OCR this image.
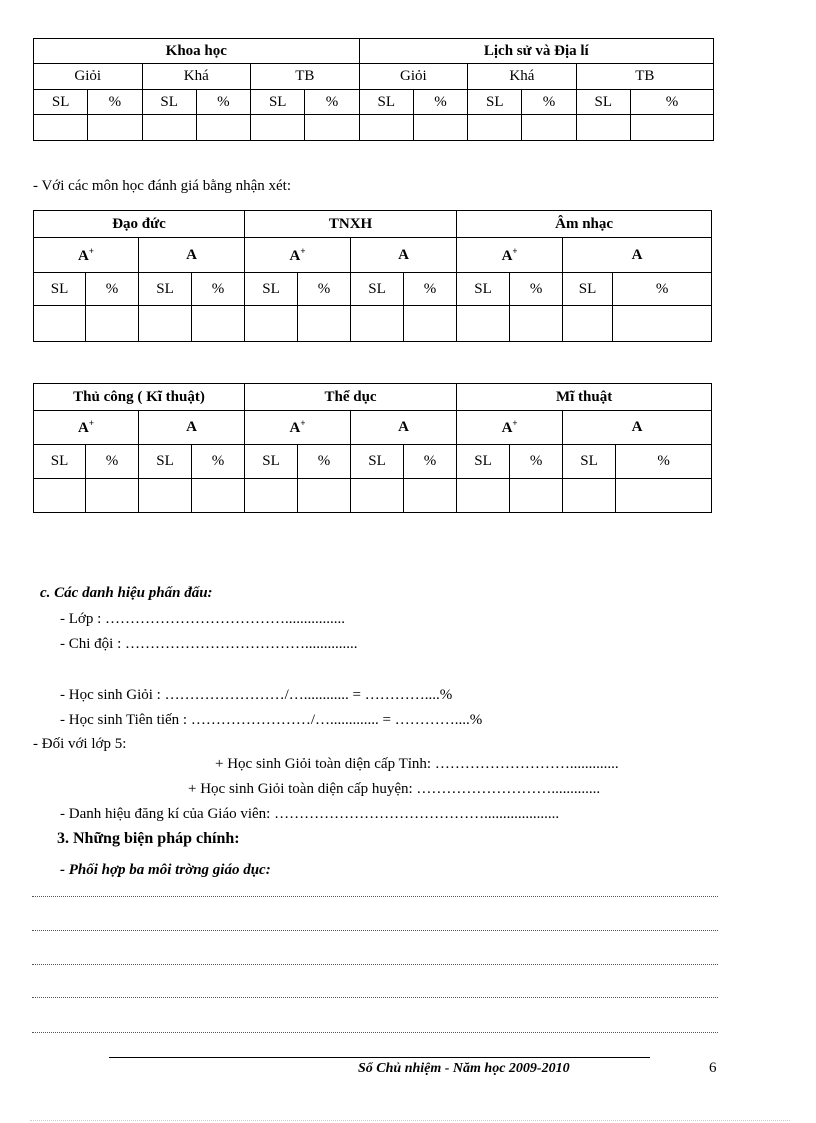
Khoa học						Lịch sử và Địa lí					
Giỏi		Khá		TB		Giỏi		Khá		TB	
SL	%	SL	%	SL	%	SL	%	SL	%	SL	%

- Với các môn học đánh giá bằng nhận xét:
Đạo đức				TNXH				Âm nhạc			
A+		A		A+		A		A+		A	
SL	%	SL	%	SL	%	SL	%	SL	%	SL	%

Thủ công ( Kĩ thuật)				Thể dục				Mĩ thuật			
A+		A		A+		A		A+		A	
SL	%	SL	%	SL	%	SL	%	SL	%	SL	%

c. Các danh hiệu phấn đấu:
- Lớp : ………………………………................
- Chi đội : ………………………………..............
- Học sinh Giỏi : ……………………/…............ = …………....%
- Học sinh Tiên tiến : ……………………/…............. = …………....%
- Đối với lớp 5:
+ Học sinh Giỏi toàn diện cấp Tỉnh: ……………………….............
+ Học sinh Giỏi toàn diện cấp huyện: ……………………….............
- Danh hiệu đăng kí của Giáo viên: ……………………………………....................
3. Những biện pháp chính:
- Phối hợp ba môi trờng giáo dục:
Sổ Chủ nhiệm - Năm học 2009-2010	6
